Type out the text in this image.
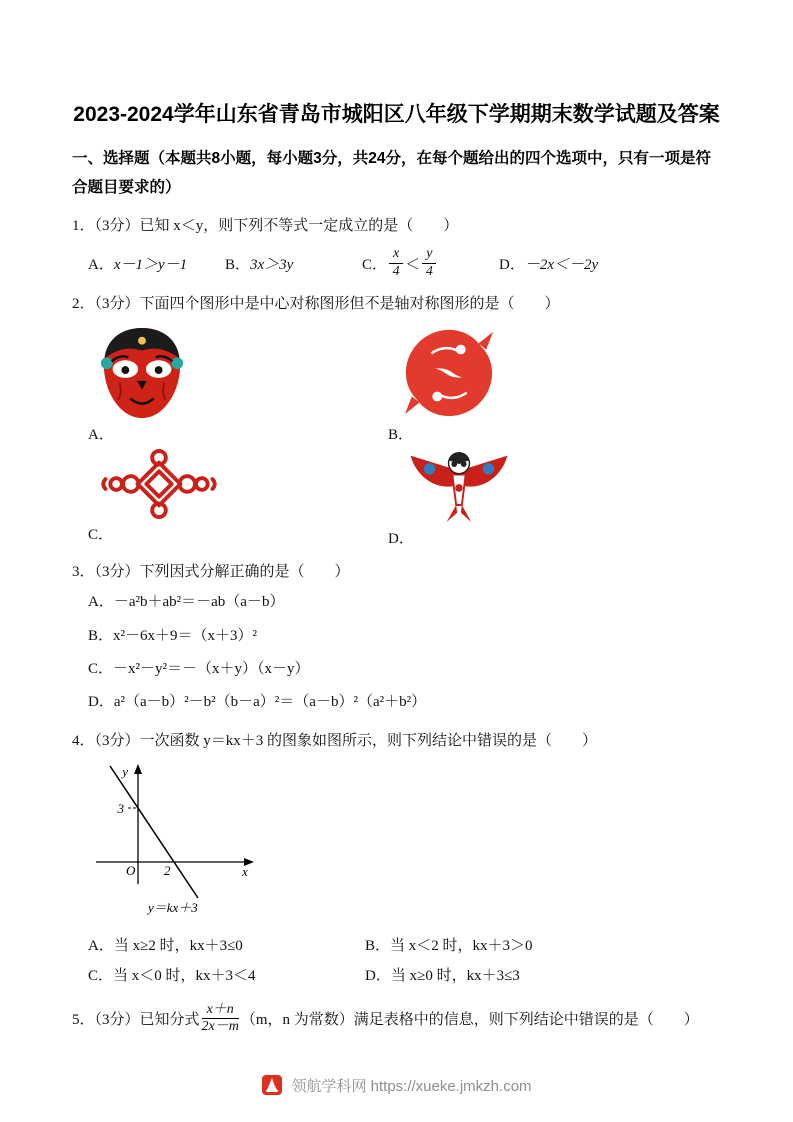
2023-2024学年山东省青岛市城阳区八年级下学期期末数学试题及答案
一、选择题（本题共8小题，每小题3分，共24分，在每个题给出的四个选项中，只有一项是符合题目要求的）

1．（3分）已知 x＜y，则下列不等式一定成立的是（　　）

A． x－1＞y－1	B． 3x＞3y	C． $\frac{x}{4} < \frac{y}{4}$	D． －2x＜－2y

2．（3分）下面四个图形中是中心对称图形但不是轴对称图形的是（　　）

A．	B．
C．	D．

3．（3分）下列因式分解正确的是（　　）

A．－a²b＋ab²＝－ab（a－b）
B．x²－6x＋9＝（x＋3）²
C．－x²－y²＝－（x＋y）（x－y）
D．a²（a－b）²－b²（b－a）²＝（a－b）²（a²＋b²）

4．（3分）一次函数 y＝kx＋3 的图象如图所示，则下列结论中错误的是（　　）

y
x
O 2
3
y＝kx＋3
A．当 x≥2 时，kx＋3≤0	B．当 x＜2 时，kx＋3＞0
C．当 x＜0 时，kx＋3＜4	D．当 x≥0 时，kx＋3≤3
5．（3分）已知分式 $\frac{x+n}{2x-m} (m$，n 为常数）满足表格中的信息，则下列结论中错误的是（　　）
领航学科网 https://xueke.jmkzh.com
